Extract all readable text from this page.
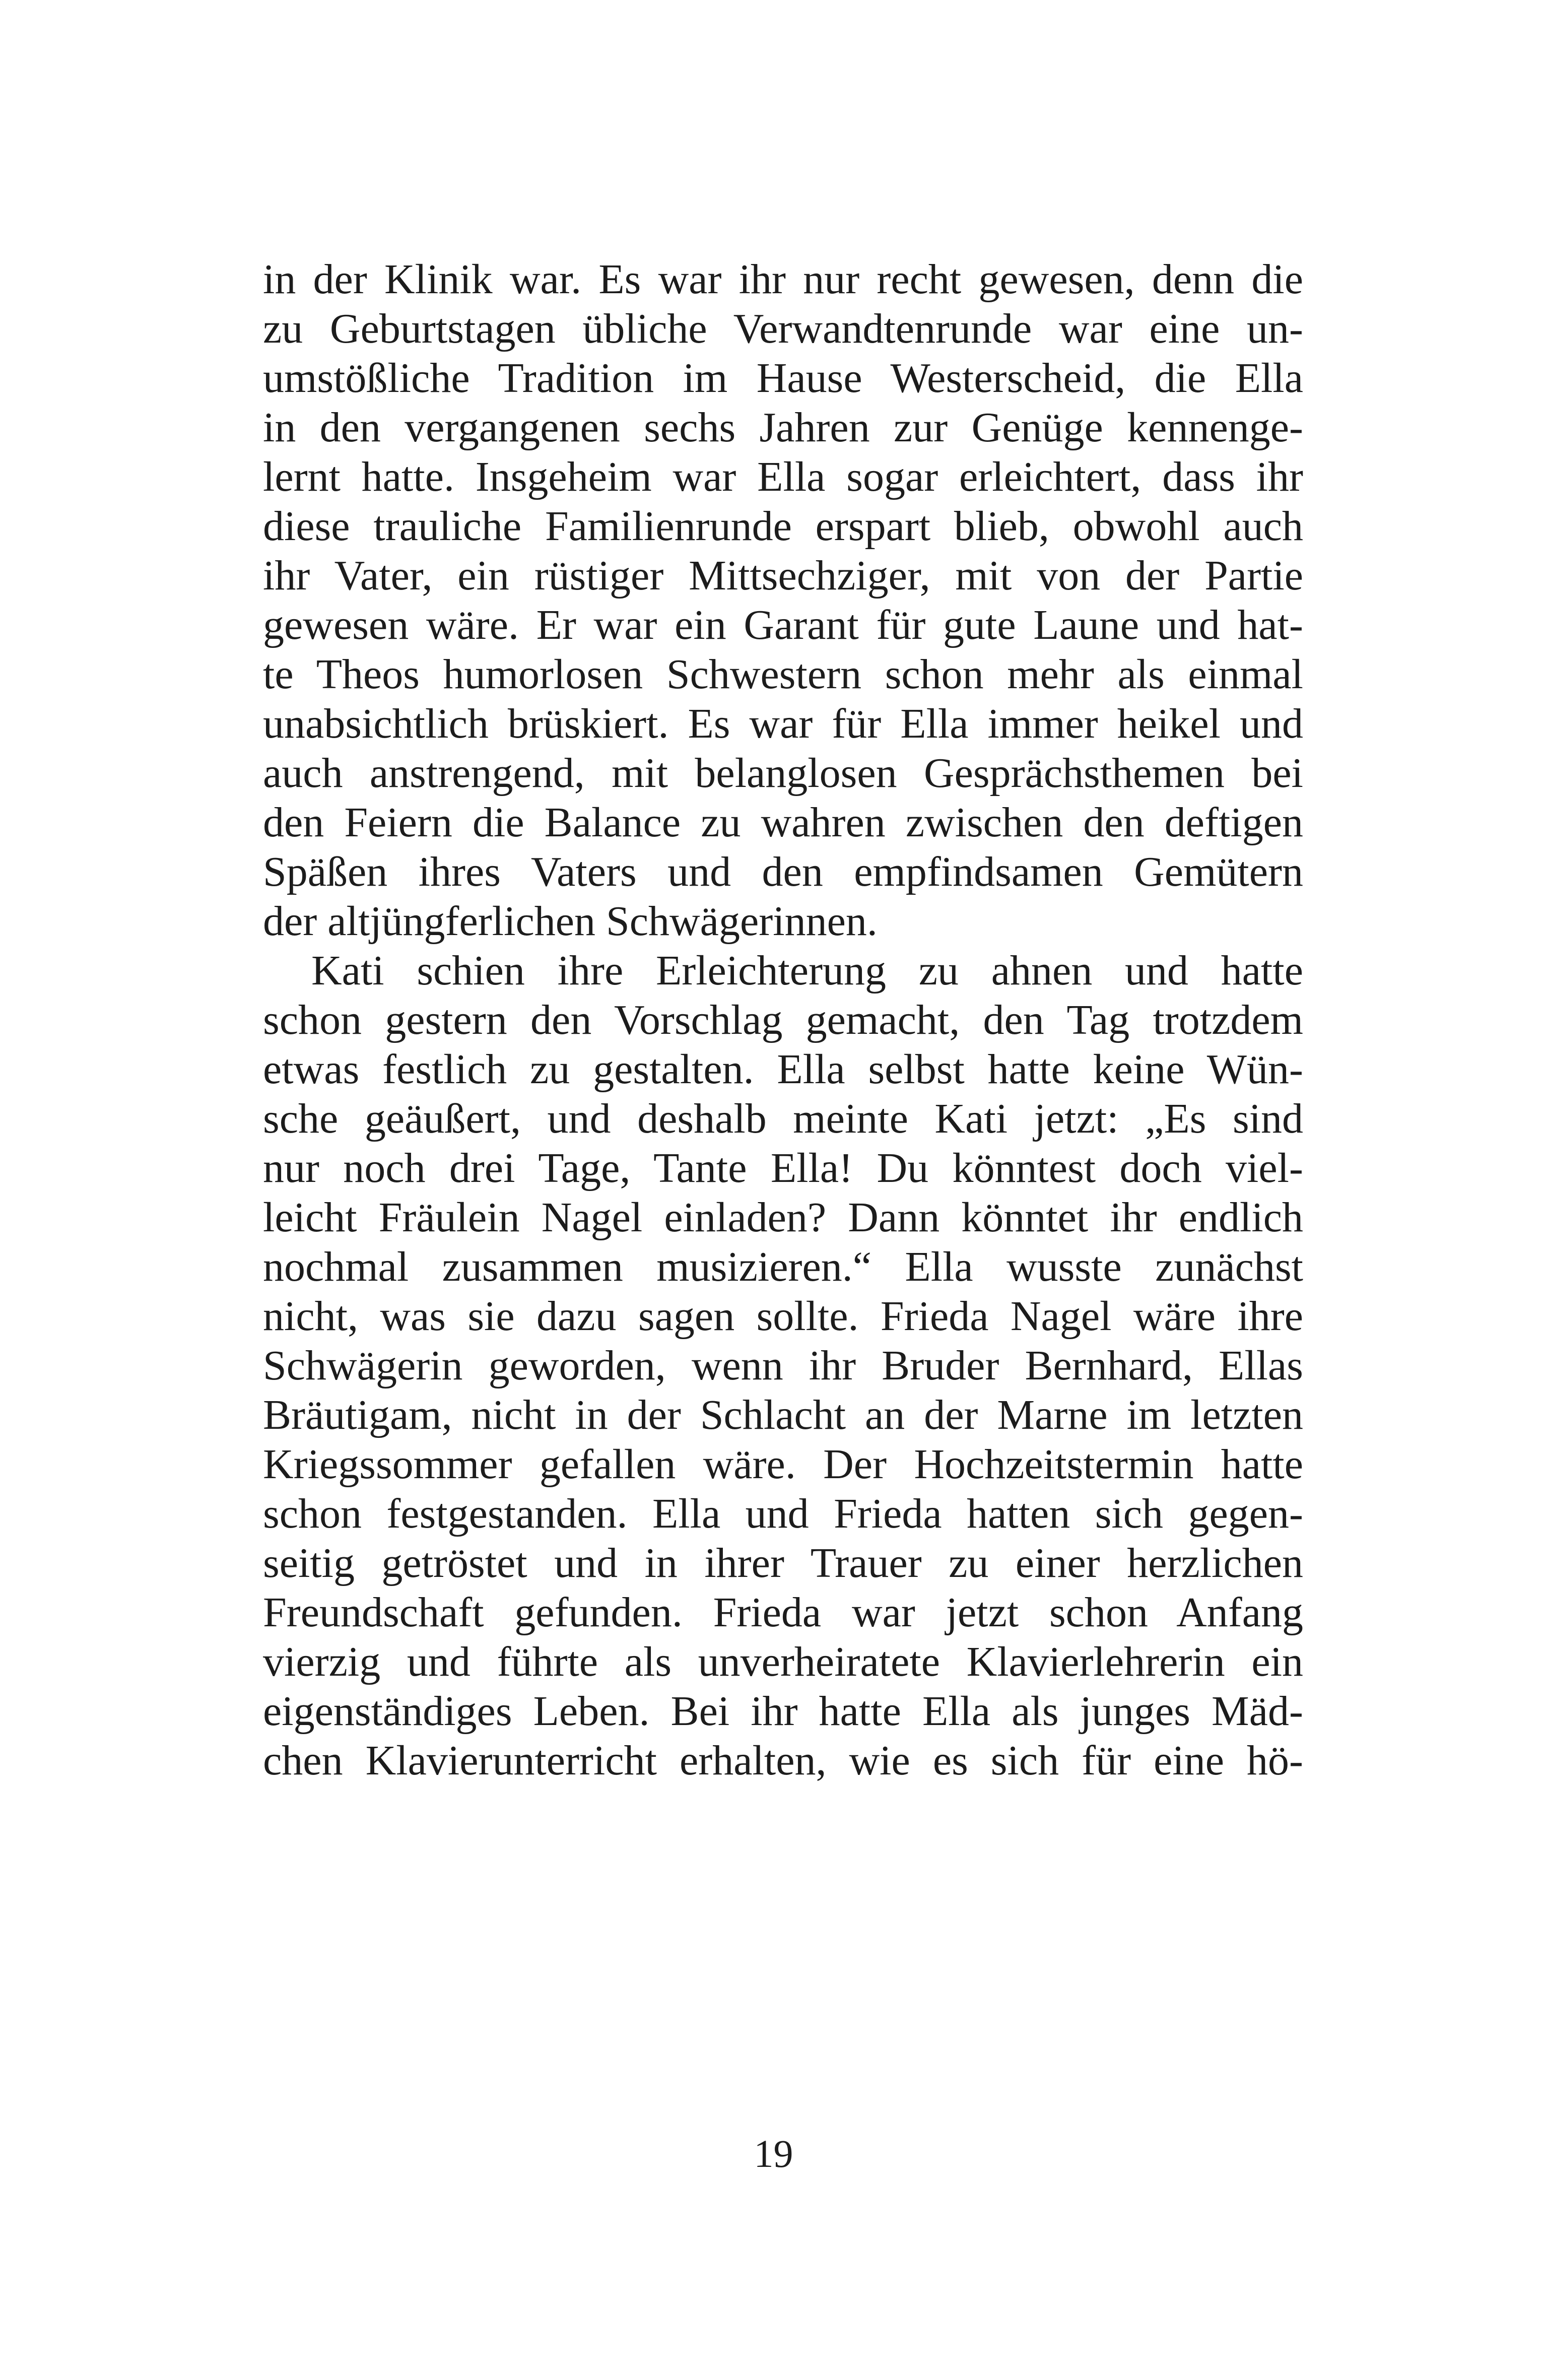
in der Klinik war. Es war ihr nur recht gewesen, denn die
zu Geburtstagen übliche Verwandtenrunde war eine un-
umstößliche Tradition im Hause Westerscheid, die Ella
in den vergangenen sechs Jahren zur Genüge kennenge-
lernt hatte. Insgeheim war Ella sogar erleichtert, dass ihr
diese trauliche Familienrunde erspart blieb, obwohl auch
ihr Vater, ein rüstiger Mittsechziger, mit von der Partie
gewesen wäre. Er war ein Garant für gute Laune und hat-
te Theos humorlosen Schwestern schon mehr als einmal
unabsichtlich brüskiert. Es war für Ella immer heikel und
auch anstrengend, mit belanglosen Gesprächsthemen bei
den Feiern die Balance zu wahren zwischen den deftigen
Späßen ihres Vaters und den empfindsamen Gemütern
der altjüngferlichen Schwägerinnen.
Kati schien ihre Erleichterung zu ahnen und hatte
schon gestern den Vorschlag gemacht, den Tag trotzdem
etwas festlich zu gestalten. Ella selbst hatte keine Wün-
sche geäußert, und deshalb meinte Kati jetzt: „Es sind
nur noch drei Tage, Tante Ella! Du könntest doch viel-
leicht Fräulein Nagel einladen? Dann könntet ihr endlich
nochmal zusammen musizieren.“ Ella wusste zunächst
nicht, was sie dazu sagen sollte. Frieda Nagel wäre ihre
Schwägerin geworden, wenn ihr Bruder Bernhard, Ellas
Bräutigam, nicht in der Schlacht an der Marne im letzten
Kriegssommer gefallen wäre. Der Hochzeitstermin hatte
schon festgestanden. Ella und Frieda hatten sich gegen-
seitig getröstet und in ihrer Trauer zu einer herzlichen
Freundschaft gefunden. Frieda war jetzt schon Anfang
vierzig und führte als unverheiratete Klavierlehrerin ein
eigenständiges Leben. Bei ihr hatte Ella als junges Mäd-
chen Klavierunterricht erhalten, wie es sich für eine hö-
19
